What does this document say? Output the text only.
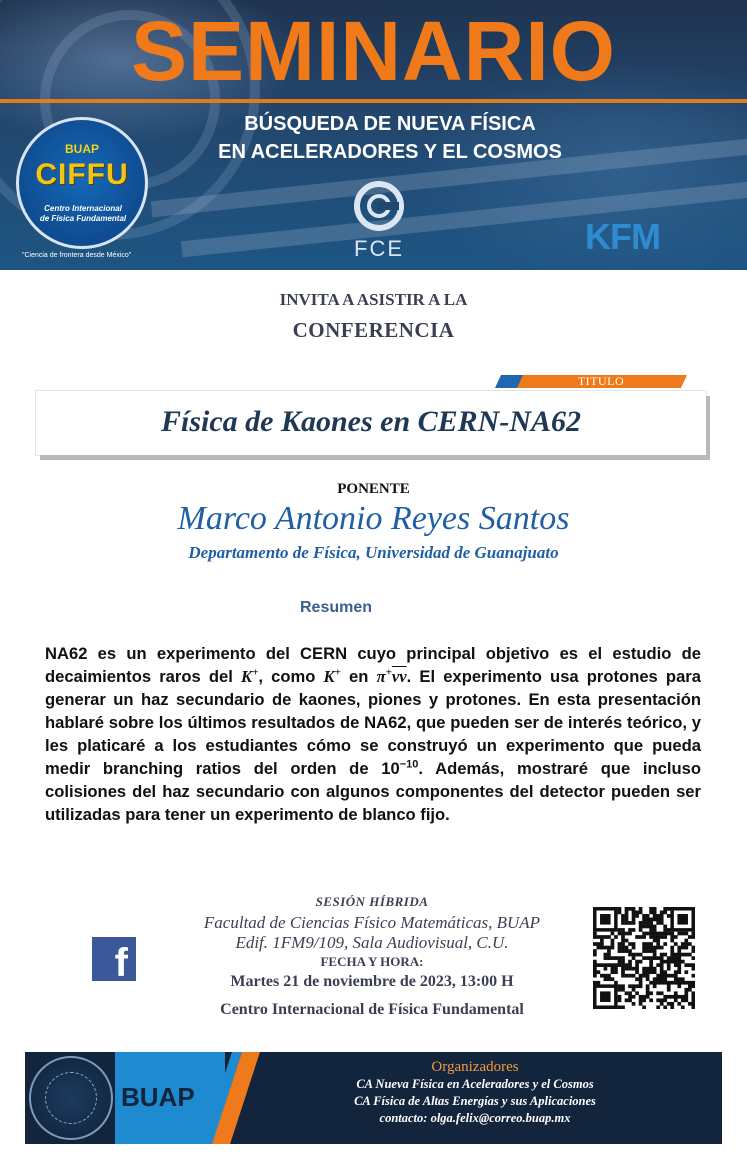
SEMINARIO
BÚSQUEDA DE NUEVA FÍSICA
EN ACELERADORES Y EL COSMOS
BUAP
CIFFU
Centro Internacional
de Física Fundamental
"Ciencia de frontera desde México"	FCE	KFM
INVITA A ASISTIR A LA
CONFERENCIA
Física de Kaones en CERN-NA62
TITULO
PONENTE
Marco Antonio Reyes Santos
Departamento de Física, Universidad de Guanajuato
Resumen
NA62 es un experimento del CERN cuyo principal objetivo es el estudio de decaimientos raros del K+, como K+ en $\pi^+\overline{\nu\nu}$. El experimento usa protones para generar un haz secundario de kaones, piones y protones. En esta presentación hablaré sobre los últimos resultados de NA62, que pueden ser de interés teórico, y les platicaré a los estudiantes cómo se construyó un experimento que pueda medir branching ratios del orden de $10^{-10}$. Además, mostraré que incluso colisiones del haz secundario con algunos componentes del detector pueden ser utilizadas para tener un experimento de blanco fijo.
f
SESIÓN HÍBRIDA
Facultad de Ciencias Físico Matemáticas, BUAP
Edif. 1FM9/109, Sala Audiovisual, C.U.
FECHA Y HORA:
Martes 21 de noviembre de 2023, 13:00 H
Centro Internacional de Física Fundamental
BUAP
Organizadores
CA Nueva Física en Aceleradores y el Cosmos
CA Física de Altas Energías y sus Aplicaciones
contacto: olga.felix@correo.buap.mx
